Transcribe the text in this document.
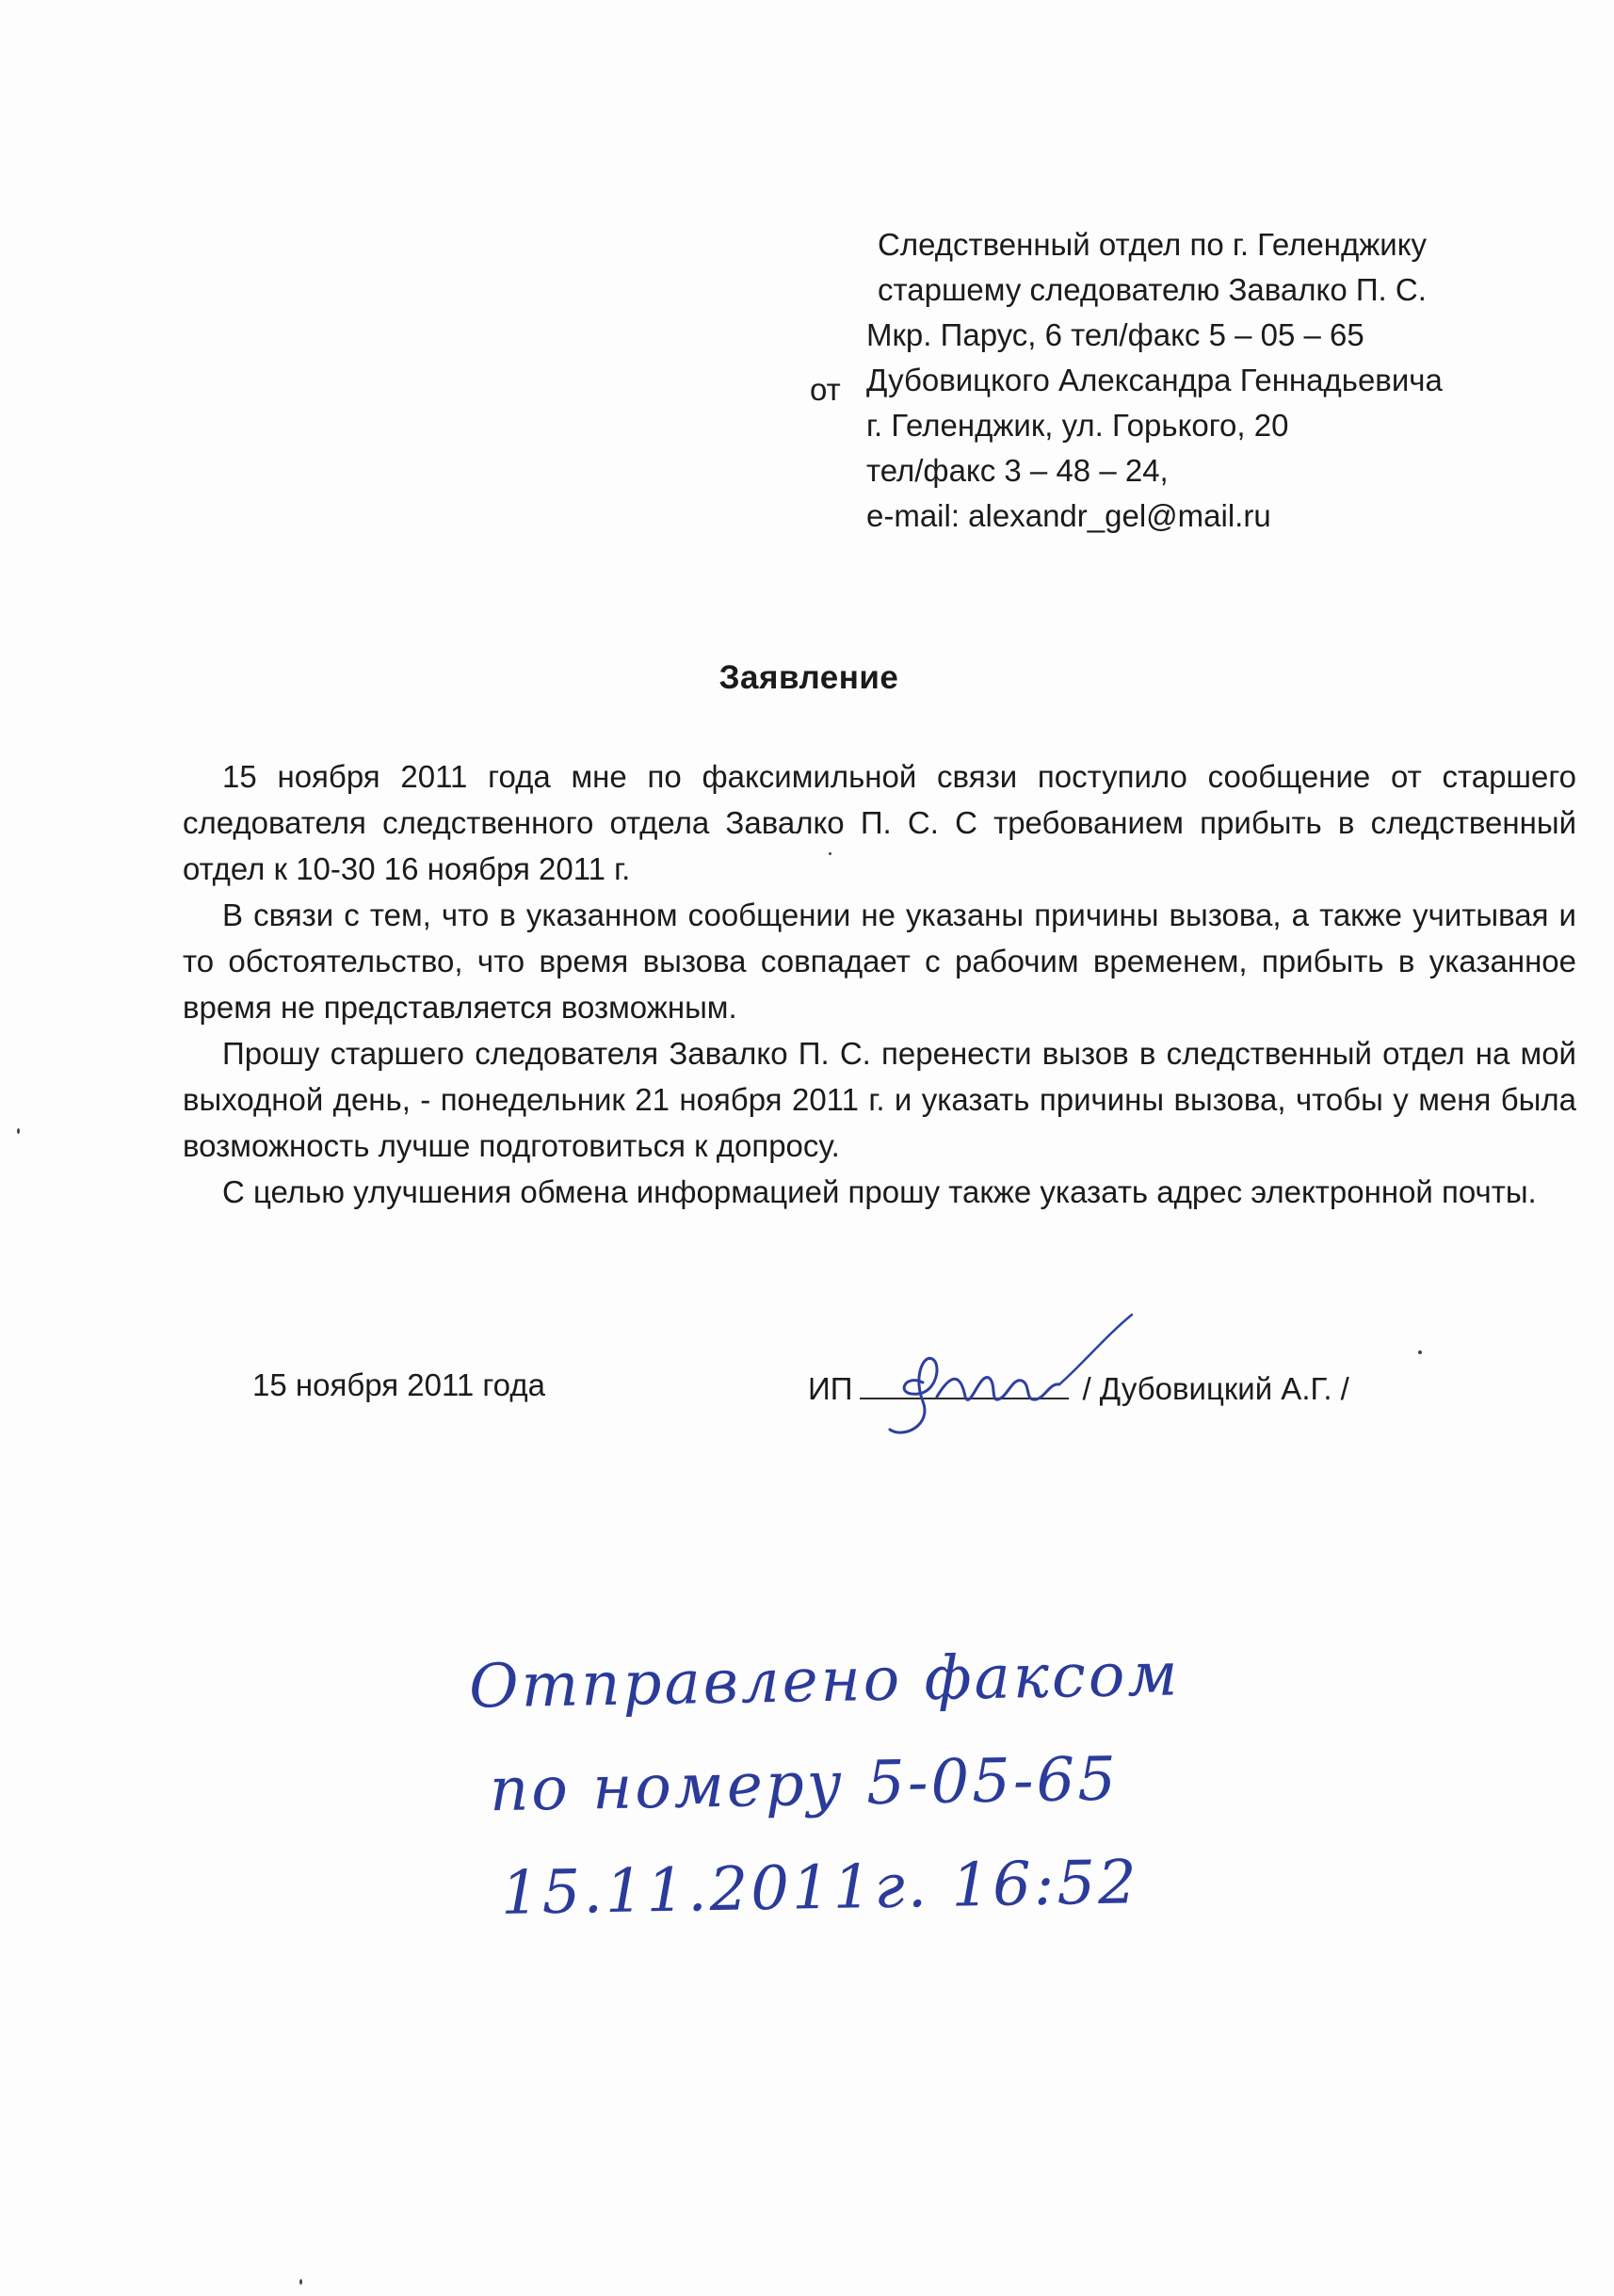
Следственный отдел по г. Геленджику
старшему следователю Завалко П. С.
Мкр. Парус, 6 тел/факс 5 – 05 – 65
Дубовицкого Александра Геннадьевича
г. Геленджик, ул. Горького, 20
тел/факс 3 – 48 – 24,
e-mail: alexandr_gel@mail.ru
от
Заявление

15 ноября 2011 года мне по факсимильной связи поступило сообщение от старшего следователя следственного отдела Завалко П. С. С требованием прибыть в следственный отдел к 10-30 16 ноября 2011 г.

В связи с тем, что в указанном сообщении не указаны причины вызова, а также учитывая и то обстоятельство, что время вызова совпадает с рабочим временем, прибыть в указанное время не представляется возможным.

Прошу старшего следователя Завалко П. С. перенести вызов в следственный отдел на мой выходной день, - понедельник 21 ноября 2011 г. и указать причины вызова, чтобы у меня была возможность лучше подготовиться к допросу.

С целью улучшения обмена информацией прошу также указать адрес электронной почты.

15 ноября 2011 года	ИП	/ Дубовицкий А.Г. /
Отправлено факсом
по номеру 5-05-65
15.11.2011г. 16:52
